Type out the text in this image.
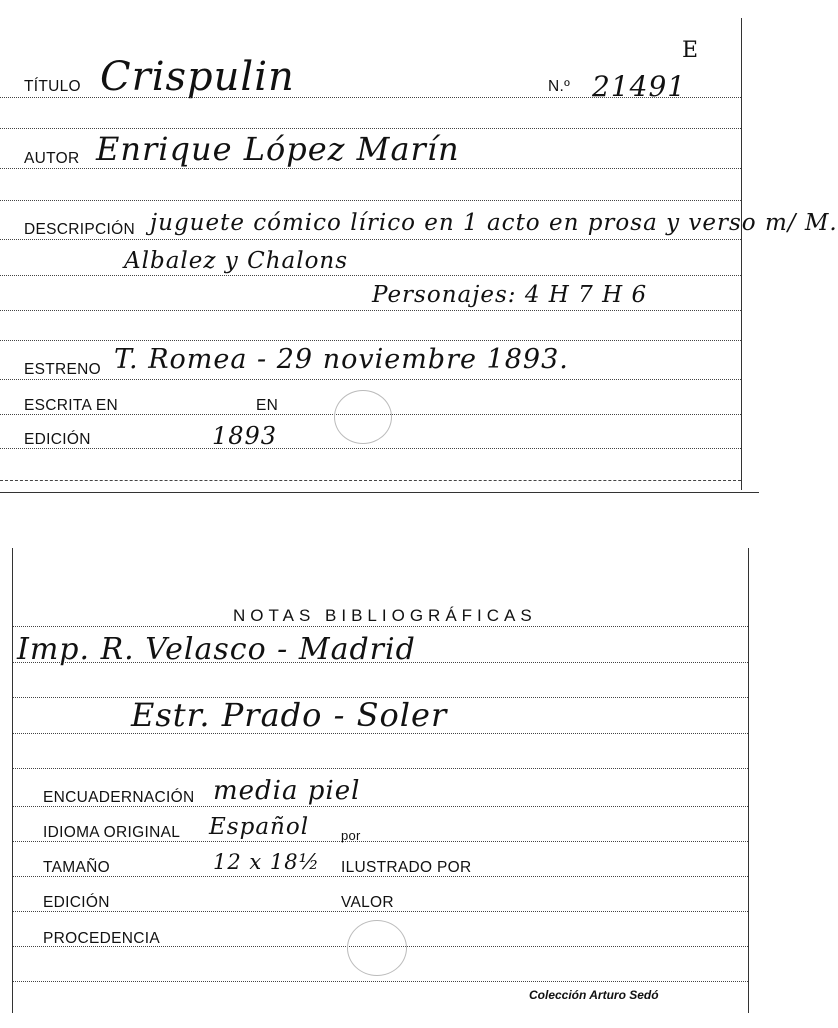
E
TÍTULO Crispulin	N.º 21491
AUTOR Enrique López Marín
DESCRIPCIÓN juguete cómico lírico en 1 acto en prosa y verso m/ M.
Albalez y Chalons
Personajes: 4 H 7 H 6
ESTRENO T. Romea - 29 noviembre 1893.
ESCRITA EN	EN
EDICIÓN	1893
NOTAS BIBLIOGRÁFICAS
Imp. R. Velasco - Madrid
Estr. Prado - Soler
ENCUADERNACIÓN media piel
IDIOMA ORIGINAL Español por
TAMAÑO	12 x 18½ ILUSTRADO POR
EDICIÓN	VALOR
PROCEDENCIA
Colección Arturo Sedó
